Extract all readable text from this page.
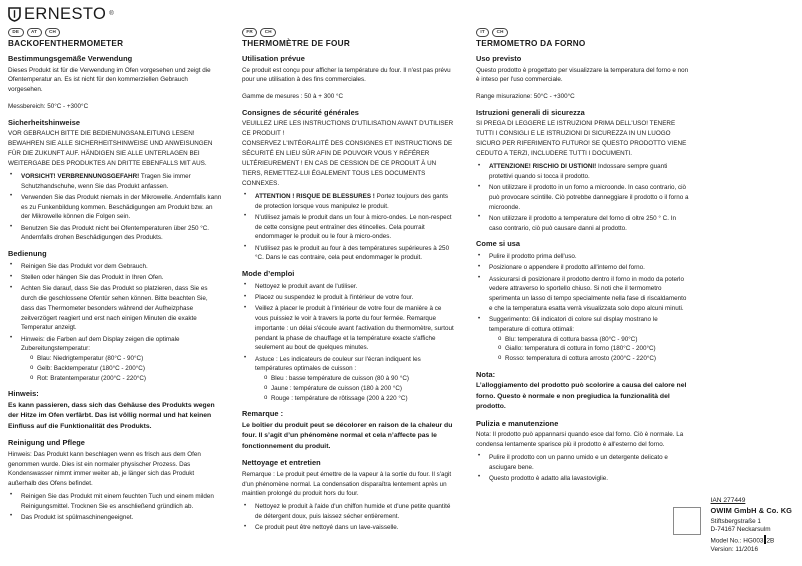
ERNESTO ®
DE	AT	CH
BACKOFENTHERMOMETER
Bestimmungsgemäße Verwendung

Dieses Produkt ist für die Verwendung im Ofen vorgesehen und zeigt die Ofentemperatur an. Es ist nicht für den kommerziellen Gebrauch vorgesehen.

Messbereich: 50°C - +300°C

Sicherheitshinweise

VOR GEBRAUCH BITTE DIE BEDIENUNGSANLEITUNG LESEN! BEWAHREN SIE ALLE SICHERHEITSHINWEISE UND ANWEISUNGEN FÜR DIE ZUKUNFT AUF. HÄNDIGEN SIE ALLE UNTERLAGEN BEI WEITERGABE DES PRODUKTES AN DRITTE EBENFALLS MIT AUS.

• VORSICHT! VERBRENNUNGSGEFAHR! Tragen Sie immer Schutzhandschuhe, wenn Sie das Produkt anfassen.
• Verwenden Sie das Produkt niemals in der Mikrowelle. Andernfalls kann es zu Funkenbildung kommen. Beschädigungen am Produkt bzw. an der Mikrowelle können die Folgen sein.
• Benutzen Sie das Produkt nicht bei Ofentemperaturen über 250 °C. Andernfalls drohen Beschädigungen des Produkts.
Bedienung
• Reinigen Sie das Produkt vor dem Gebrauch.
• Stellen oder hängen Sie das Produkt in Ihren Ofen.
• Achten Sie darauf, dass Sie das Produkt so platzieren, dass Sie es durch die geschlossene Ofentür sehen können. Bitte beachten Sie, dass das Thermometer besonders während der Aufheizphase zeitverzögert reagiert und erst nach einigen Minuten die exakte Temperatur anzeigt.
• Hinweis: die Farben auf dem Display zeigen die optimale Zubereitungstemperatur:
o Blau: Niedrigtemperatur (80°C - 90°C)
o Gelb: Backtemperatur (180°C - 200°C)
o Rot: Bratentemperatur (200°C - 220°C)
Hinweis:

Es kann passieren, dass sich das Gehäuse des Produkts wegen der Hitze im Ofen verfärbt. Das ist völlig normal und hat keinen Einfluss auf die Funktionalität des Produkts.

Reinigung und Pflege

Hinweis: Das Produkt kann beschlagen wenn es frisch aus dem Ofen genommen wurde. Dies ist ein normaler physischer Prozess. Das Kondenswasser nimmt immer weiter ab, je länger sich das Produkt außerhalb des Ofens befindet.

• Reinigen Sie das Produkt mit einem feuchten Tuch und einem milden Reinigungsmittel. Trocknen Sie es anschließend gründlich ab.
• Das Produkt ist spülmaschinengeeignet.
FR	CH
THERMOMÈTRE DE FOUR
Utilisation prévue

Ce produit est conçu pour afficher la température du four. Il n'est pas prévu pour une utilisation à des fins commerciales.

Gamme de mesures : 50 à + 300 °C

Consignes de sécurité générales

VEUILLEZ LIRE LES INSTRUCTIONS D'UTILISATION AVANT D'UTILISER CE PRODUIT !

CONSERVEZ L'INTÉGRALITÉ DES CONSIGNES ET INSTRUCTIONS DE SÉCURITÉ EN LIEU SÛR AFIN DE POUVOIR VOUS Y RÉFÉRER ULTÉRIEUREMENT ! EN CAS DE CESSION DE CE PRODUIT À UN TIERS, REMETTEZ-LUI ÉGALEMENT TOUS LES DOCUMENTS CONNEXES.

• ATTENTION ! RISQUE DE BLESSURES ! Portez toujours des gants de protection lorsque vous manipulez le produit.
• N'utilisez jamais le produit dans un four à micro-ondes. Le non-respect de cette consigne peut entraîner des étincelles. Cela pourrait endommager le produit ou le four à micro-ondes.
• N'utilisez pas le produit au four à des températures supérieures à 250 °C. Dans le cas contraire, cela peut endommager le produit.
Mode d’emploi
• Nettoyez le produit avant de l'utiliser.
• Placez ou suspendez le produit à l'intérieur de votre four.
• Veillez à placer le produit à l'intérieur de votre four de manière à ce vous puissiez le voir à travers la porte du four fermée. Remarque importante : un délai s'écoule avant l'activation du thermomètre, surtout pendant la phase de chauffage et la température exacte s'affiche seulement au bout de quelques minutes.
• Astuce : Les indicateurs de couleur sur l'écran indiquent les températures optimales de cuisson :
o Bleu : basse température de cuisson (80 à 90 °C)
o Jaune : température de cuisson (180 à 200 °C)
o Rouge : température de rôtissage (200 à 220 °C)
Remarque :

Le boîtier du produit peut se décolorer en raison de la chaleur du four. Il s’agit d’un phénomène normal et cela n’affecte pas le fonctionnement du produit.

Nettoyage et entretien

Remarque : Le produit peut émettre de la vapeur à la sortie du four. Il s'agit d'un phénomène normal. La condensation disparaîtra lentement après un maintien prolongé du produit hors du four.

• Nettoyez le produit à l'aide d'un chiffon humide et d'une petite quantité de détergent doux, puis laissez sécher entièrement.
• Ce produit peut être nettoyé dans un lave-vaisselle.
IT	CH
TERMOMETRO DA FORNO
Uso previsto

Questo prodotto è progettato per visualizzare la temperatura del forno e non è inteso per l'uso commerciale.

Range misurazione: 50°C - +300°C

Istruzioni generali di sicurezza

SI PREGA DI LEGGERE LE ISTRUZIONI PRIMA DELL'USO! TENERE TUTTI I CONSIGLI E LE ISTRUZIONI DI SICUREZZA IN UN LUOGO SICURO PER RIFERIMENTO FUTURO! SE QUESTO PRODOTTO VIENE CEDUTO A TERZI, INCLUDERE TUTTI I DOCUMENTI.

• ATTENZIONE! RISCHIO DI USTIONI! Indossare sempre guanti protettivi quando si tocca il prodotto.
• Non utilizzare il prodotto in un forno a microonde. In caso contrario, ciò può provocare scintille. Ciò potrebbe danneggiare il prodotto o il forno a microonde.
• Non utilizzare il prodotto a temperature del forno di oltre 250 ° C. In caso contrario, ciò può causare danni al prodotto.
Come si usa
• Pulire il prodotto prima dell'uso.
• Posizionare o appendere il prodotto all'interno del forno.
• Assicurarsi di posizionare il prodotto dentro il forno in modo da poterlo vedere attraverso lo sportello chiuso. Si noti che il termometro sperimenta un lasso di tempo specialmente nella fase di riscaldamento e che la temperatura esatta verrà visualizzata solo dopo alcuni minuti.
• Suggerimento: Gli indicatori di colore sul display mostrano le temperature di cottura ottimali:
o Blu: temperatura di cottura bassa (80°C - 90°C)
o Giallo: temperatura di cottura in forno (180°C - 200°C)
o Rosso: temperatura di cottura arrosto (200°C - 220°C)
Nota:

L’alloggiamento del prodotto può scolorire a causa del calore nel forno. Questo è normale e non pregiudica la funzionalità del prodotto.

Pulizia e manutenzione

Nota: Il prodotto può appannarsi quando esce dal forno. Ciò è normale. La condensa lentamente sparisce più il prodotto è all'esterno del forno.

• Pulire il prodotto con un panno umido e un detergente delicato e asciugare bene.
• Questo prodotto è adatto alla lavastoviglie.
IAN 277449
OWIM GmbH & Co. KG
Stiftsbergstraße 1
D-74167 Neckarsulm
Model No.: HG003 2B
Version: 11/2016
